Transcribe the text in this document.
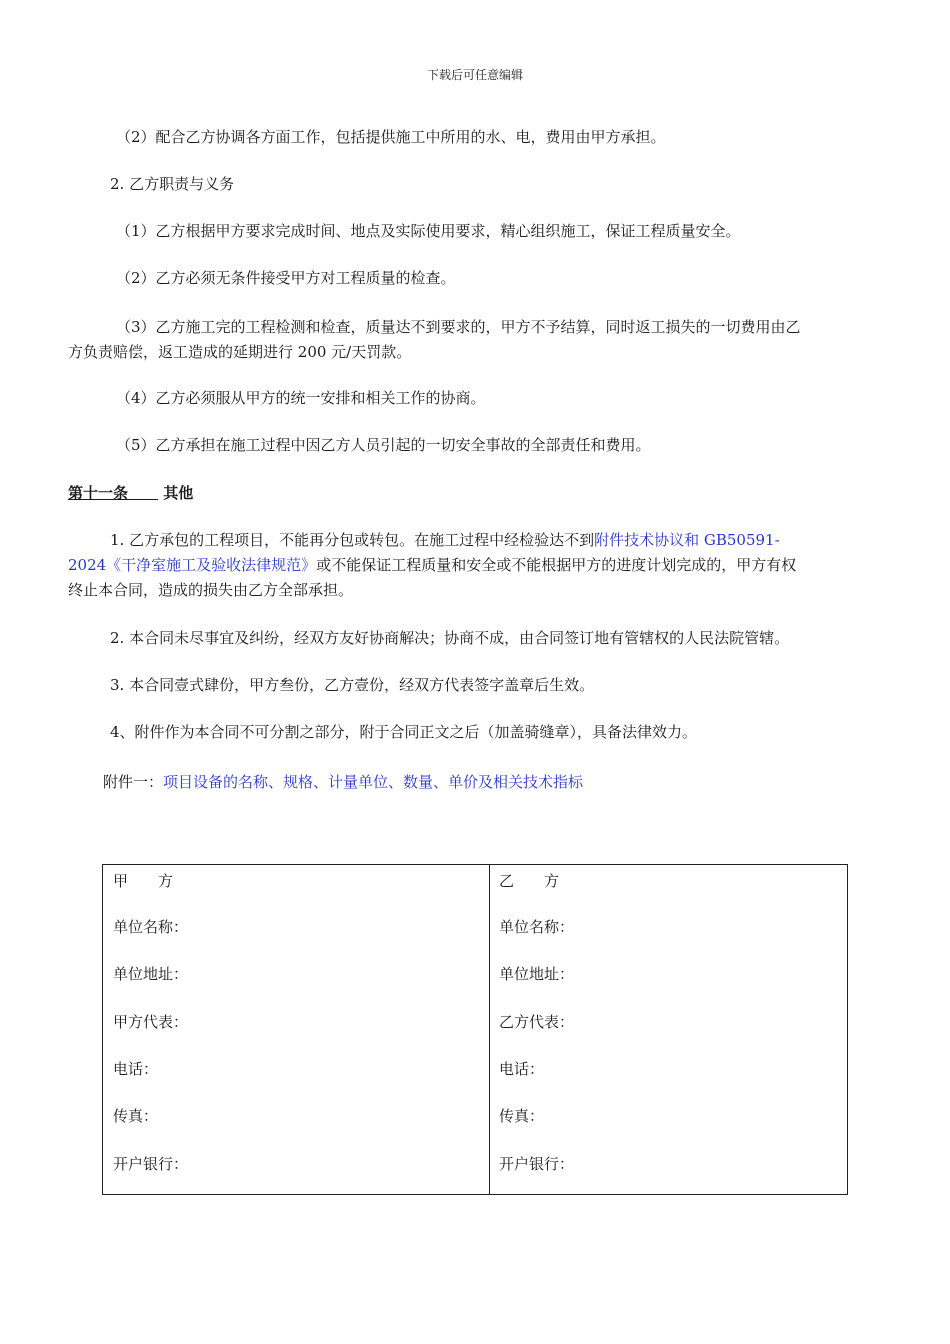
下载后可任意编辑
（2）配合乙方协调各方面工作，包括提供施工中所用的水、电，费用由甲方承担。
2. 乙方职责与义务
（1）乙方根据甲方要求完成时间、地点及实际使用要求，精心组织施工，保证工程质量安全。
（2）乙方必须无条件接受甲方对工程质量的检查。
（3）乙方施工完的工程检测和检查，质量达不到要求的，甲方不予结算，同时返工损失的一切费用由乙
方负责赔偿，返工造成的延期进行 200 元/天罚款。
（4）乙方必须服从甲方的统一安排和相关工作的协商。
（5）乙方承担在施工过程中因乙方人员引起的一切安全事故的全部责任和费用。
第十一条　　 其他
1. 乙方承包的工程项目，不能再分包或转包。在施工过程中经检验达不到附件技术协议和 GB50591-
2024《干净室施工及验收法律规范》或不能保证工程质量和安全或不能根据甲方的进度计划完成的，甲方有权
终止本合同，造成的损失由乙方全部承担。
2. 本合同未尽事宜及纠纷，经双方友好协商解决；协商不成，由合同签订地有管辖权的人民法院管辖。
3. 本合同壹式肆份，甲方叁份，乙方壹份，经双方代表签字盖章后生效。
4、附件作为本合同不可分割之部分，附于合同正文之后（加盖骑缝章），具备法律效力。
附件一：项目设备的名称、规格、计量单位、数量、单价及相关技术指标
甲　　方
单位名称：
单位地址：
甲方代表：
电话：
传真：
开户银行：
乙　　方
单位名称：
单位地址：
乙方代表：
电话：
传真：
开户银行：
